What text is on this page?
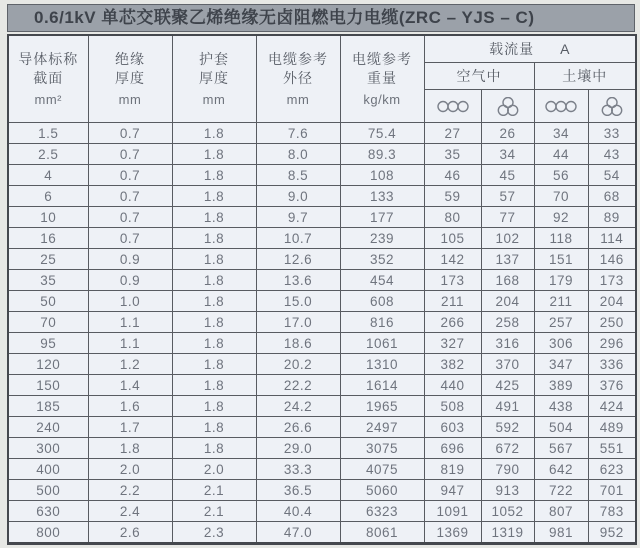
0.6/1kV 单芯交联聚乙烯绝缘无卤阻燃电力电缆(ZRC – YJS – C)
导体标称
截面
mm²	绝缘
厚度
mm	护套
厚度
mm	电缆参考
外径
mm	电缆参考
重量
kg/km	载流量 A			

					空气中		土壤中	

1.5	0.7	1.8	7.6	75.4	27	26	34	33
2.5	0.7	1.8	8.0	89.3	35	34	44	43
4	0.7	1.8	8.5	108	46	45	56	54
6	0.7	1.8	9.0	133	59	57	70	68
10	0.7	1.8	9.7	177	80	77	92	89
16	0.7	1.8	10.7	239	105	102	118	114
25	0.9	1.8	12.6	352	142	137	151	146
35	0.9	1.8	13.6	454	173	168	179	173
50	1.0	1.8	15.0	608	211	204	211	204
70	1.1	1.8	17.0	816	266	258	257	250
95	1.1	1.8	18.6	1061	327	316	306	296
120	1.2	1.8	20.2	1310	382	370	347	336
150	1.4	1.8	22.2	1614	440	425	389	376
185	1.6	1.8	24.2	1965	508	491	438	424
240	1.7	1.8	26.6	2497	603	592	504	489
300	1.8	1.8	29.0	3075	696	672	567	551
400	2.0	2.0	33.3	4075	819	790	642	623
500	2.2	2.1	36.5	5060	947	913	722	701
630	2.4	2.1	40.4	6323	1091	1052	807	783
800	2.6	2.3	47.0	8061	1369	1319	981	952
